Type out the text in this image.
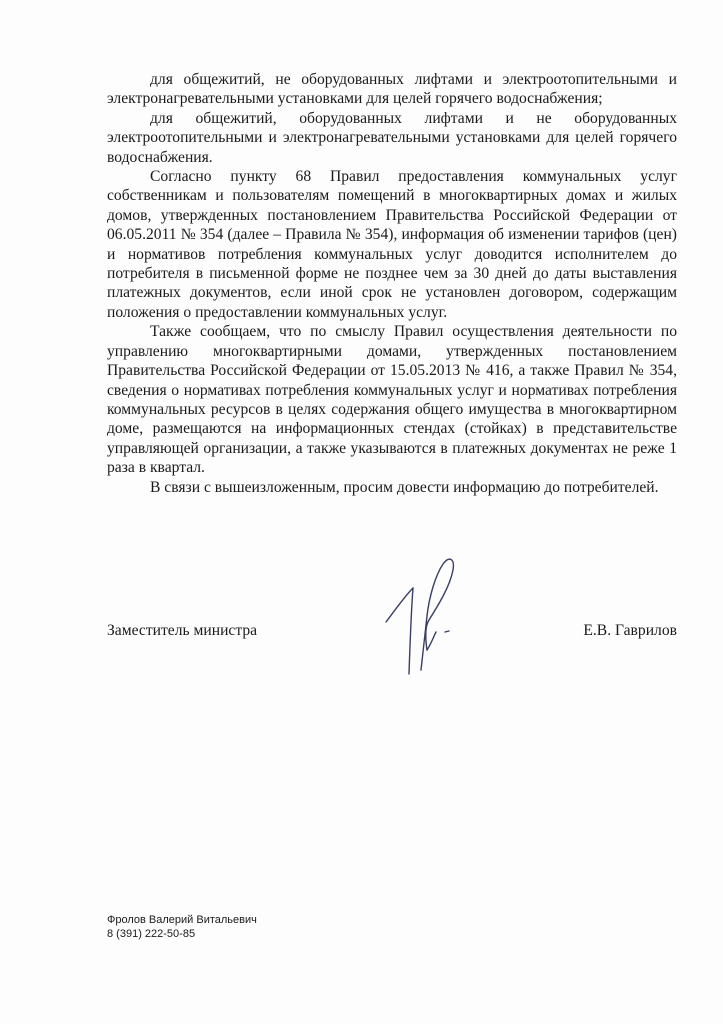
для общежитий, не оборудованных лифтами и электроотопительными и электронагревательными установками для целей горячего водоснабжения;

для общежитий, оборудованных лифтами и не оборудованных электроотопительными и электронагревательными установками для целей горячего водоснабжения.

Согласно пункту 68 Правил предоставления коммунальных услуг собственникам и пользователям помещений в многоквартирных домах и жилых домов, утвержденных постановлением Правительства Российской Федерации от 06.05.2011 № 354 (далее – Правила № 354), информация об изменении тарифов (цен) и нормативов потребления коммунальных услуг доводится исполнителем до потребителя в письменной форме не позднее чем за 30 дней до даты выставления платежных документов, если иной срок не установлен договором, содержащим положения о предоставлении коммунальных услуг.

Также сообщаем, что по смыслу Правил осуществления деятельности по управлению многоквартирными домами, утвержденных постановлением Правительства Российской Федерации от 15.05.2013 № 416, а также Правил № 354, сведения о нормативах потребления коммунальных услуг и нормативах потребления коммунальных ресурсов в целях содержания общего имущества в многоквартирном доме, размещаются на информационных стендах (стойках) в представительстве управляющей организации, а также указываются в платежных документах не реже 1 раза в квартал.

В связи с вышеизложенным, просим довести информацию до потребителей.

Заместитель министра	Е.В. Гаврилов
Фролов Валерий Витальевич
8 (391) 222-50-85
